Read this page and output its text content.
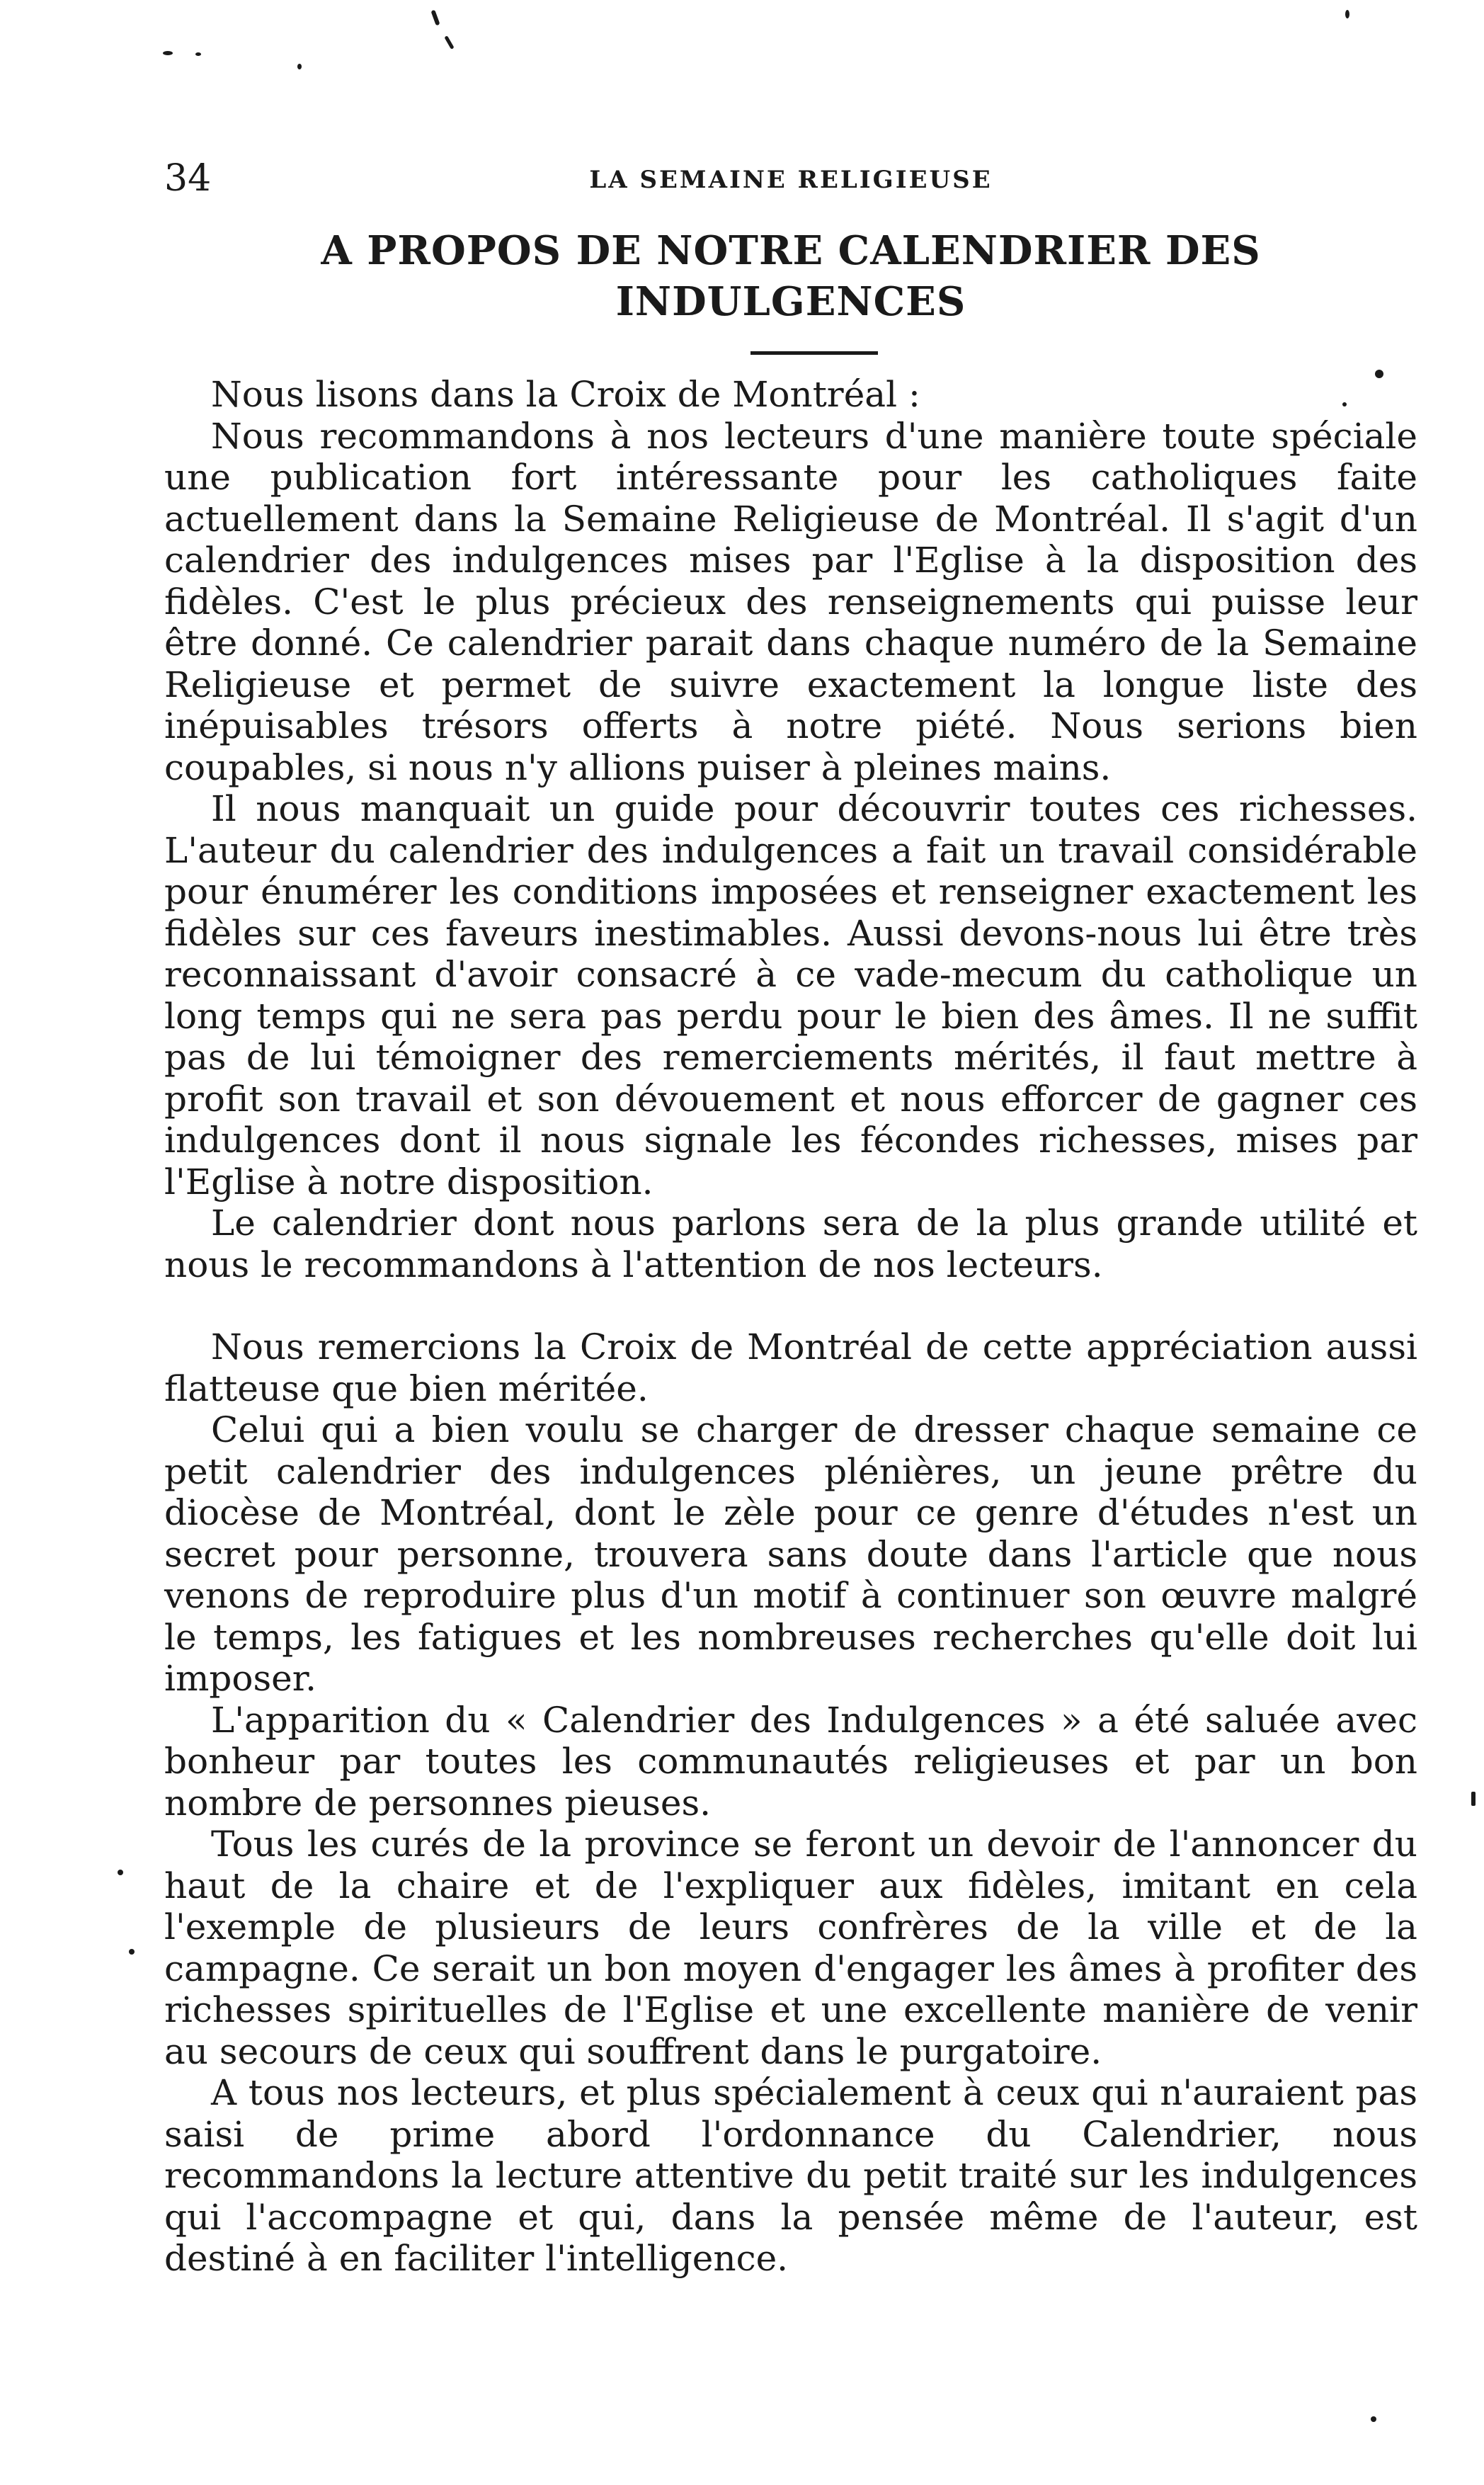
34	LA SEMAINE RELIGIEUSE
A PROPOS DE NOTRE CALENDRIER DES INDULGENCES

Nous lisons dans la Croix de Montréal :

Nous recommandons à nos lecteurs d'une manière toute spéciale une publication fort intéressante pour les catholiques faite actuellement dans la Semaine Religieuse de Montréal. Il s'agit d'un calendrier des indulgences mises par l'Eglise à la disposition des fidèles. C'est le plus précieux des renseignements qui puisse leur être donné. Ce calendrier parait dans chaque numéro de la Semaine Religieuse et permet de suivre exactement la longue liste des inépuisables trésors offerts à notre piété. Nous serions bien coupables, si nous n'y allions puiser à pleines mains.

Il nous manquait un guide pour découvrir toutes ces richesses. L'auteur du calendrier des indulgences a fait un travail considérable pour énumérer les conditions imposées et renseigner exactement les fidèles sur ces faveurs inestimables. Aussi devons-nous lui être très reconnaissant d'avoir consacré à ce vade-mecum du catholique un long temps qui ne sera pas perdu pour le bien des âmes. Il ne suffit pas de lui témoigner des remerciements mérités, il faut mettre à profit son travail et son dévouement et nous efforcer de gagner ces indulgences dont il nous signale les fécondes richesses, mises par l'Eglise à notre disposition.

Le calendrier dont nous parlons sera de la plus grande utilité et nous le recommandons à l'attention de nos lecteurs.

Nous remercions la Croix de Montréal de cette appréciation aussi flatteuse que bien méritée.

Celui qui a bien voulu se charger de dresser chaque semaine ce petit calendrier des indulgences plénières, un jeune prêtre du diocèse de Montréal, dont le zèle pour ce genre d'études n'est un secret pour personne, trouvera sans doute dans l'article que nous venons de reproduire plus d'un motif à continuer son œuvre malgré le temps, les fatigues et les nombreuses recherches qu'elle doit lui imposer.

L'apparition du « Calendrier des Indulgences » a été saluée avec bonheur par toutes les communautés religieuses et par un bon nombre de personnes pieuses.

Tous les curés de la province se feront un devoir de l'annoncer du haut de la chaire et de l'expliquer aux fidèles, imitant en cela l'exemple de plusieurs de leurs confrères de la ville et de la campagne. Ce serait un bon moyen d'engager les âmes à profiter des richesses spirituelles de l'Eglise et une excellente manière de venir au secours de ceux qui souffrent dans le purgatoire.

A tous nos lecteurs, et plus spécialement à ceux qui n'auraient pas saisi de prime abord l'ordonnance du Calendrier, nous recommandons la lecture attentive du petit traité sur les indulgences qui l'accompagne et qui, dans la pensée même de l'auteur, est destiné à en faciliter l'intelligence.
